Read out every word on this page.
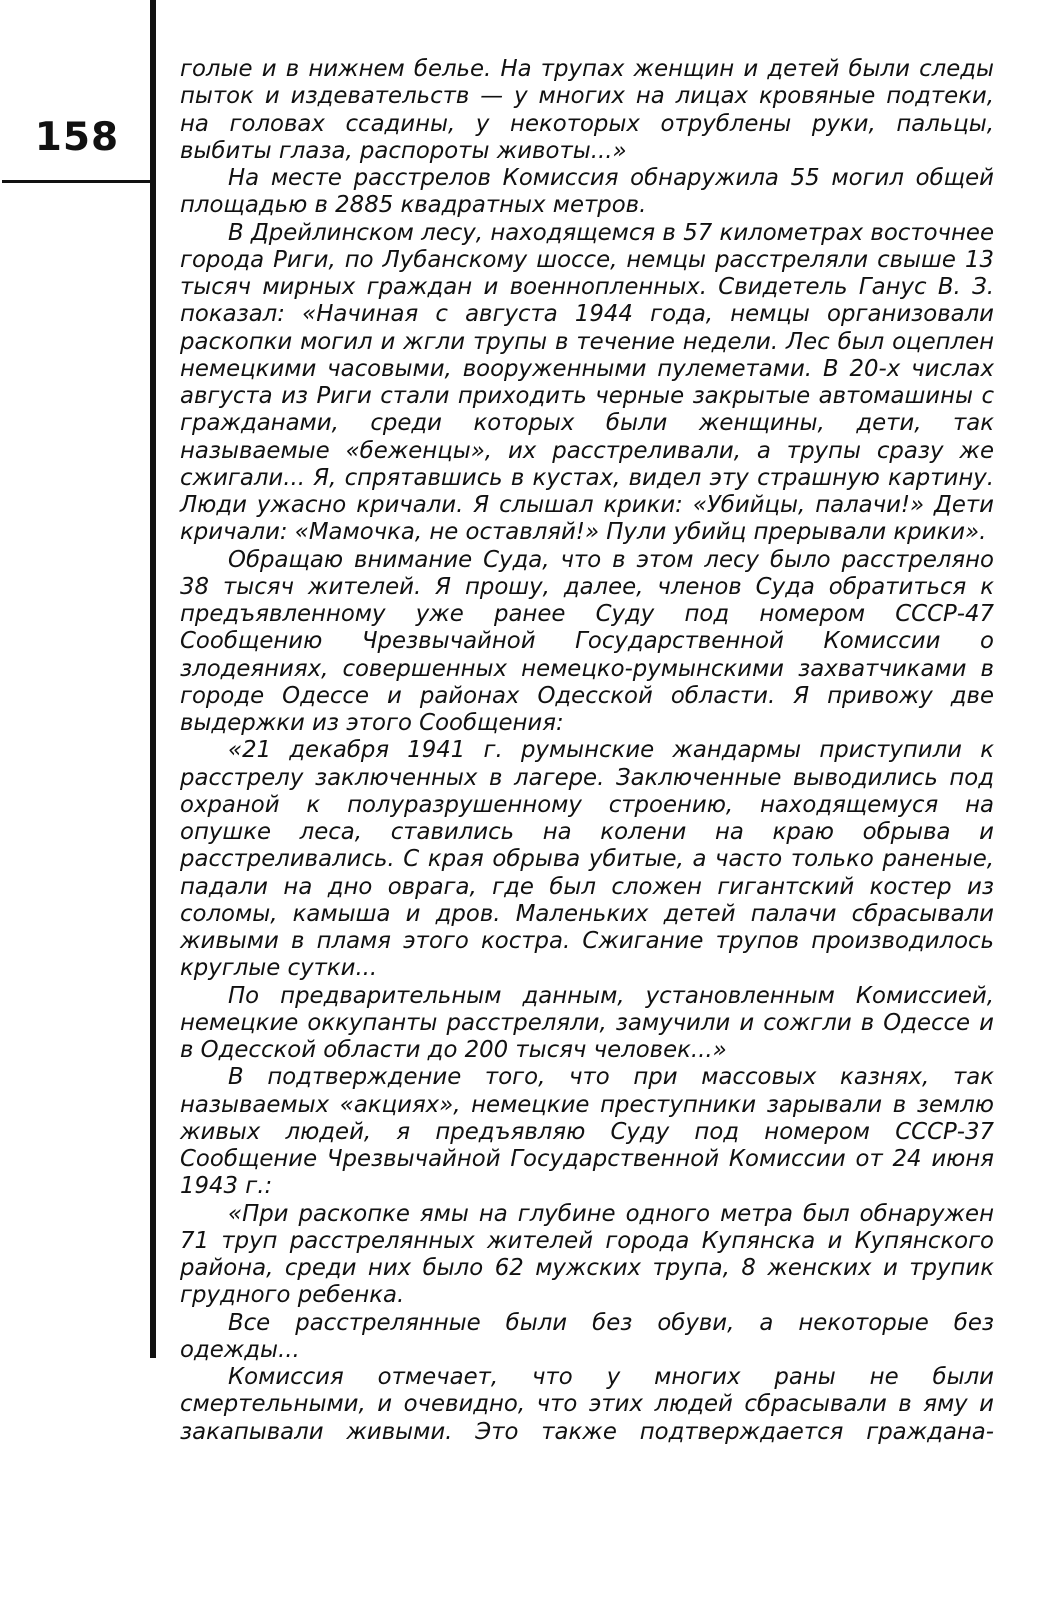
158

голые и в нижнем белье. На трупах женщин и детей были следы пыток и издевательств — у многих на лицах кровяные подтеки, на головах ссадины, у некоторых отрублены руки, пальцы, выбиты глаза, распороты животы...»

На месте расстрелов Комиссия обнаружила 55 могил общей площадью в 2885 квадратных метров.

В Дрейлинском лесу, находящемся в 57 километрах восточнее города Риги, по Лубанскому шоссе, немцы расстреляли свыше 13 тысяч мирных граждан и военнопленных. Свидетель Ганус В. З. показал: «Начиная с августа 1944 года, немцы организовали раскопки могил и жгли трупы в течение недели. Лес был оцеплен немецкими часовыми, вооруженными пулеметами. В 20-х числах августа из Риги стали приходить черные закрытые автомашины с гражданами, среди которых были женщины, дети, так называемые «беженцы», их расстреливали, а трупы сразу же сжигали... Я, спрятавшись в кустах, видел эту страшную картину. Люди ужасно кричали. Я слышал крики: «Убийцы, палачи!» Дети кричали: «Мамочка, не оставляй!» Пули убийц прерывали крики».

Обращаю внимание Суда, что в этом лесу было расстреляно 38 тысяч жителей. Я прошу, далее, членов Суда обратиться к предъявленному уже ранее Суду под номером СССР-47 Сообщению Чрезвычайной Государственной Комиссии о злодеяниях, совершенных немецко-румынскими захватчиками в городе Одессе и районах Одесской области. Я привожу две выдержки из этого Сообщения:

«21 декабря 1941 г. румынские жандармы приступили к расстрелу заключенных в лагере. Заключенные выводились под охраной к полуразрушенному строению, находящемуся на опушке леса, ставились на колени на краю обрыва и расстреливались. С края обрыва убитые, а часто только раненые, падали на дно оврага, где был сложен гигантский костер из соломы, камыша и дров. Маленьких детей палачи сбрасывали живыми в пламя этого костра. Сжигание трупов производилось круглые сутки...

По предварительным данным, установленным Комиссией, немецкие оккупанты расстреляли, замучили и сожгли в Одессе и в Одесской области до 200 тысяч человек...»

В подтверждение того, что при массовых казнях, так называемых «акциях», немецкие преступники зарывали в землю живых людей, я предъявляю Суду под номером СССР-37 Сообщение Чрезвычайной Государственной Комиссии от 24 июня 1943 г.:

«При раскопке ямы на глубине одного метра был обнаружен 71 труп расстрелянных жителей города Купянска и Купянского района, среди них было 62 мужских трупа, 8 женских и трупик грудного ребенка.

Все расстрелянные были без обуви, а некоторые без одежды...

Комиссия отмечает, что у многих раны не были смертельными, и очевидно, что этих людей сбрасывали в яму и закапывали живыми. Это также подтверждается гражданa-
